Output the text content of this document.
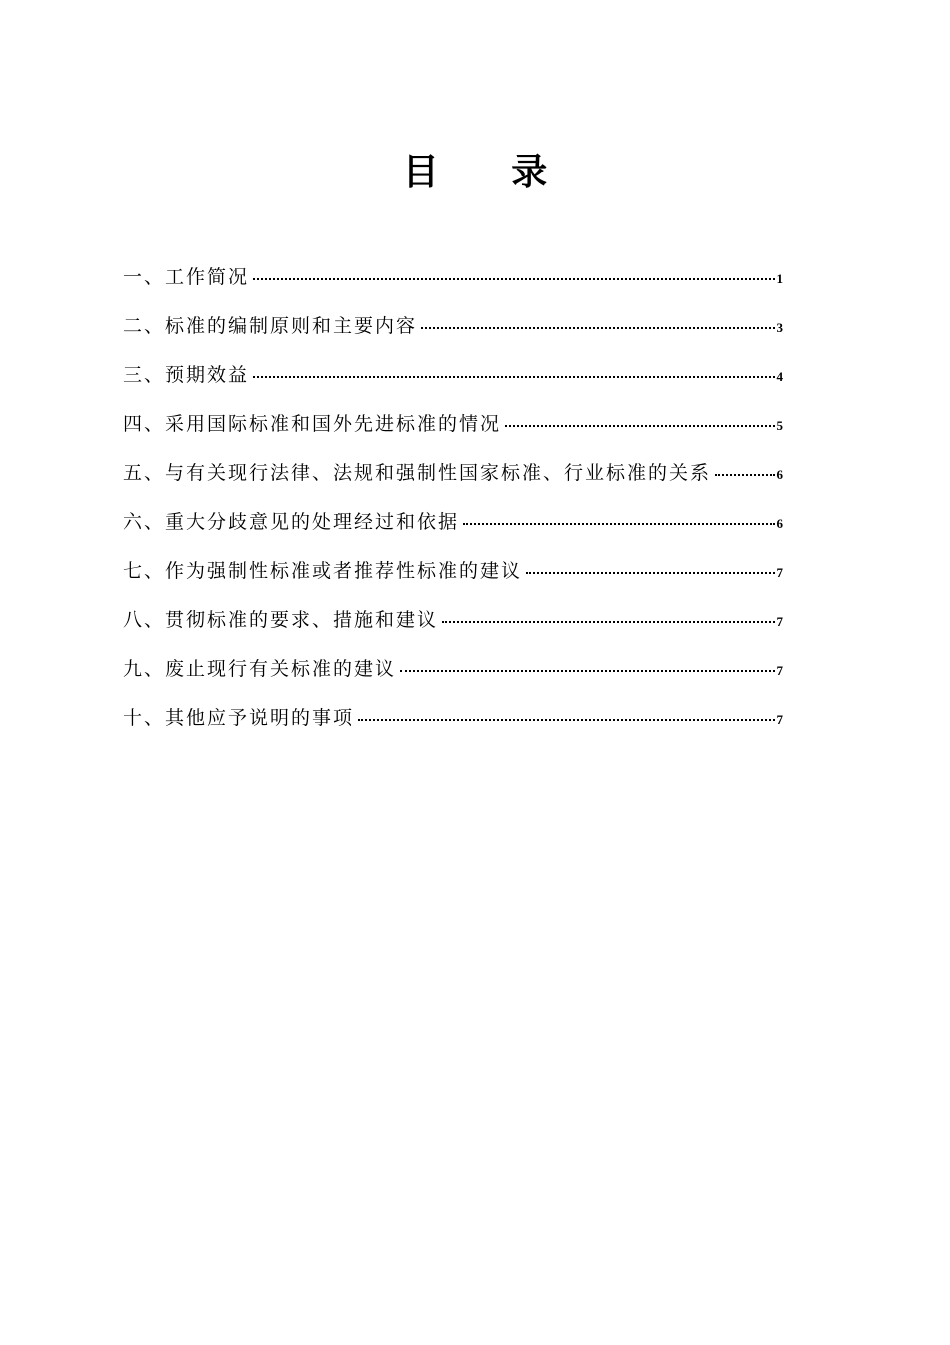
目 录
一、工作简况	1
二、标准的编制原则和主要内容	3
三、预期效益	4
四、采用国际标准和国外先进标准的情况	5
五、与有关现行法律、法规和强制性国家标准、行业标准的关系	6
六、重大分歧意见的处理经过和依据	6
七、作为强制性标准或者推荐性标准的建议	7
八、贯彻标准的要求、措施和建议	7
九、废止现行有关标准的建议	7
十、其他应予说明的事项	7
